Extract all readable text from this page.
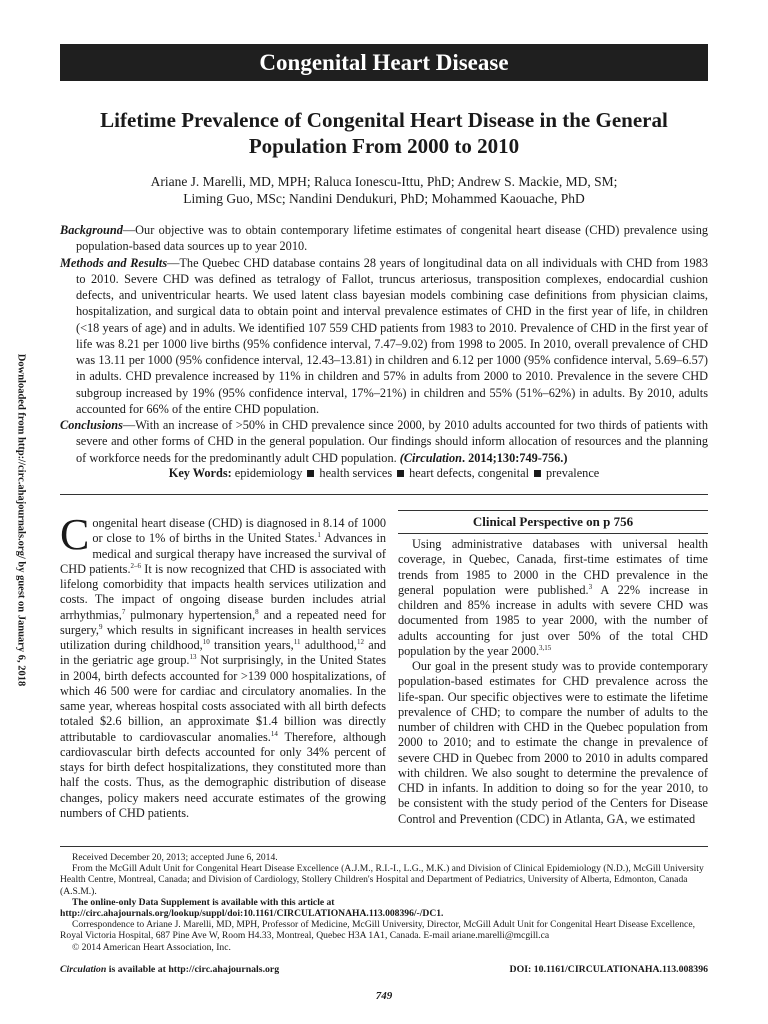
Congenital Heart Disease
Lifetime Prevalence of Congenital Heart Disease in the General Population From 2000 to 2010
Ariane J. Marelli, MD, MPH; Raluca Ionescu-Ittu, PhD; Andrew S. Mackie, MD, SM;
Liming Guo, MSc; Nandini Dendukuri, PhD; Mohammed Kaouache, PhD

Background—Our objective was to obtain contemporary lifetime estimates of congenital heart disease (CHD) prevalence using population-based data sources up to year 2010.

Methods and Results—The Quebec CHD database contains 28 years of longitudinal data on all individuals with CHD from 1983 to 2010. Severe CHD was defined as tetralogy of Fallot, truncus arteriosus, transposition complexes, endocardial cushion defects, and univentricular hearts. We used latent class bayesian models combining case definitions from physician claims, hospitalization, and surgical data to obtain point and interval prevalence estimates of CHD in the first year of life, in children (<18 years of age) and in adults. We identified 107 559 CHD patients from 1983 to 2010. Prevalence of CHD in the first year of life was 8.21 per 1000 live births (95% confidence interval, 7.47–9.02) from 1998 to 2005. In 2010, overall prevalence of CHD was 13.11 per 1000 (95% confidence interval, 12.43–13.81) in children and 6.12 per 1000 (95% confidence interval, 5.69–6.57) in adults. CHD prevalence increased by 11% in children and 57% in adults from 2000 to 2010. Prevalence in the severe CHD subgroup increased by 19% (95% confidence interval, 17%–21%) in children and 55% (51%–62%) in adults. By 2010, adults accounted for 66% of the entire CHD population.

Conclusions—With an increase of >50% in CHD prevalence since 2000, by 2010 adults accounted for two thirds of patients with severe and other forms of CHD in the general population. Our findings should inform allocation of resources and the planning of workforce needs for the predominantly adult CHD population. (Circulation. 2014;130:749-756.)

Key Words: epidemiology health services heart defects, congenital prevalence

Congenital heart disease (CHD) is diagnosed in 8.14 of 1000 or close to 1% of births in the United States.$^1$ Advances in medical and surgical therapy have increased the survival of CHD patients.$^{2-6}$ It is now recognized that CHD is associated with lifelong comorbidity that impacts health services utilization and costs. The impact of ongoing disease burden includes atrial arrhythmias,$^7$ pulmonary hypertension,$^8$ and a repeated need for surgery,$^9$ which results in significant increases in health services utilization during childhood,$^{10}$ transition years,$^{11}$ adulthood,$^{12}$ and in the geriatric age group.$^{13}$ Not surprisingly, in the United States in 2004, birth defects accounted for >139 000 hospitalizations, of which 46 500 were for cardiac and circulatory anomalies. In the same year, whereas hospital costs associated with all birth defects totaled $2.6 billion, an approximate $1.4 billion was directly attributable to cardiovascular anomalies.$^{14}$ Therefore, although cardiovascular birth defects accounted for only 34% percent of stays for birth defect hospitalizations, they constituted more than half the costs. Thus, as the demographic distribution of disease changes, policy makers need accurate estimates of the growing numbers of CHD patients.

Clinical Perspective on p 756

Using administrative databases with universal health coverage, in Quebec, Canada, first-time estimates of time trends from 1985 to 2000 in the CHD prevalence in the general population were published.$^3$ A 22% increase in children and 85% increase in adults with severe CHD was documented from 1985 to year 2000, with the number of adults accounting for just over 50% of the total CHD population by the year 2000.$^{3,15}$

Our goal in the present study was to provide contemporary population-based estimates for CHD prevalence across the life-span. Our specific objectives were to estimate the lifetime prevalence of CHD; to compare the number of adults to the number of children with CHD in the Quebec population from 2000 to 2010; and to estimate the change in prevalence of severe CHD in Quebec from 2000 to 2010 in adults compared with children. We also sought to determine the prevalence of CHD in infants. In addition to doing so for the year 2010, to be consistent with the study period of the Centers for Disease Control and Prevention (CDC) in Atlanta, GA, we estimated

Received December 20, 2013; accepted June 6, 2014.

From the McGill Adult Unit for Congenital Heart Disease Excellence (A.J.M., R.I.-I., L.G., M.K.) and Division of Clinical Epidemiology (N.D.), McGill University Health Centre, Montreal, Canada; and Division of Cardiology, Stollery Children's Hospital and Department of Pediatrics, University of Alberta, Edmonton, Canada (A.S.M.).

The online-only Data Supplement is available with this article at http://circ.ahajournals.org/lookup/suppl/doi:10.1161/CIRCULATIONAHA.113.008396/-/DC1.

Correspondence to Ariane J. Marelli, MD, MPH, Professor of Medicine, McGill University, Director, McGill Adult Unit for Congenital Heart Disease Excellence, Royal Victoria Hospital, 687 Pine Ave W, Room H4.33, Montreal, Quebec H3A 1A1, Canada. E-mail ariane.marelli@mcgill.ca

© 2014 American Heart Association, Inc.

Circulation is available at http://circ.ahajournals.org	DOI: 10.1161/CIRCULATIONAHA.113.008396
749
Downloaded from http://circ.ahajournals.org/ by guest on January 6, 2018
